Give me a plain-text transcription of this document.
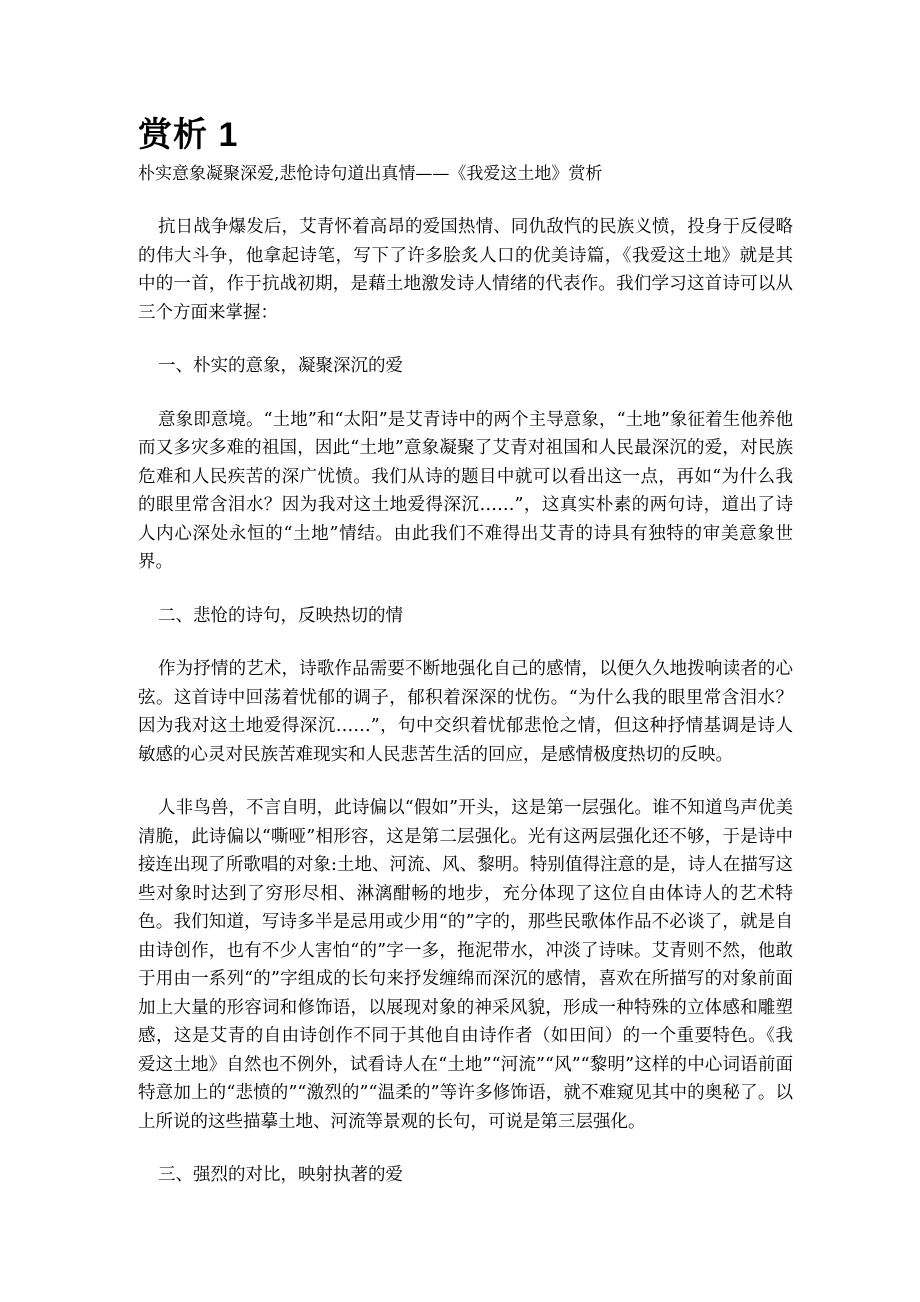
赏析 1
朴实意象凝聚深爱,悲怆诗句道出真情——《我爱这土地》赏析

抗日战争爆发后，艾青怀着高昂的爱国热情、同仇敌忾的民族义愤，投身于反侵略的伟大斗争，他拿起诗笔，写下了许多脍炙人口的优美诗篇，《我爱这土地》就是其中的一首，作于抗战初期，是藉土地激发诗人情绪的代表作。我们学习这首诗可以从三个方面来掌握：

一、朴实的意象，凝聚深沉的爱

意象即意境。“土地”和“太阳”是艾青诗中的两个主导意象，“土地”象征着生他养他而又多灾多难的祖国，因此“土地”意象凝聚了艾青对祖国和人民最深沉的爱，对民族危难和人民疾苦的深广忧愤。我们从诗的题目中就可以看出这一点，再如“为什么我的眼里常含泪水？因为我对这土地爱得深沉……”，这真实朴素的两句诗，道出了诗人内心深处永恒的“土地”情结。由此我们不难得出艾青的诗具有独特的审美意象世界。

二、悲怆的诗句，反映热切的情

作为抒情的艺术，诗歌作品需要不断地强化自己的感情，以便久久地拨响读者的心弦。这首诗中回荡着忧郁的调子，郁积着深深的忧伤。“为什么我的眼里常含泪水？因为我对这土地爱得深沉……”，句中交织着忧郁悲怆之情，但这种抒情基调是诗人敏感的心灵对民族苦难现实和人民悲苦生活的回应，是感情极度热切的反映。

人非鸟兽，不言自明，此诗偏以“假如”开头，这是第一层强化。谁不知道鸟声优美清脆，此诗偏以“嘶哑”相形容，这是第二层强化。光有这两层强化还不够，于是诗中接连出现了所歌唱的对象:土地、河流、风、黎明。特别值得注意的是，诗人在描写这些对象时达到了穷形尽相、淋漓酣畅的地步，充分体现了这位自由体诗人的艺术特色。我们知道，写诗多半是忌用或少用“的”字的，那些民歌体作品不必谈了，就是自由诗创作，也有不少人害怕“的”字一多，拖泥带水，冲淡了诗味。艾青则不然，他敢于用由一系列“的”字组成的长句来抒发缠绵而深沉的感情，喜欢在所描写的对象前面加上大量的形容词和修饰语，以展现对象的神采风貌，形成一种特殊的立体感和雕塑感，这是艾青的自由诗创作不同于其他自由诗作者（如田间）的一个重要特色。《我爱这土地》自然也不例外，试看诗人在“土地”“河流”“风”“黎明”这样的中心词语前面特意加上的“悲愤的”“激烈的”“温柔的”等许多修饰语，就不难窥见其中的奥秘了。以上所说的这些描摹土地、河流等景观的长句，可说是第三层强化。

三、强烈的对比，映射执著的爱
